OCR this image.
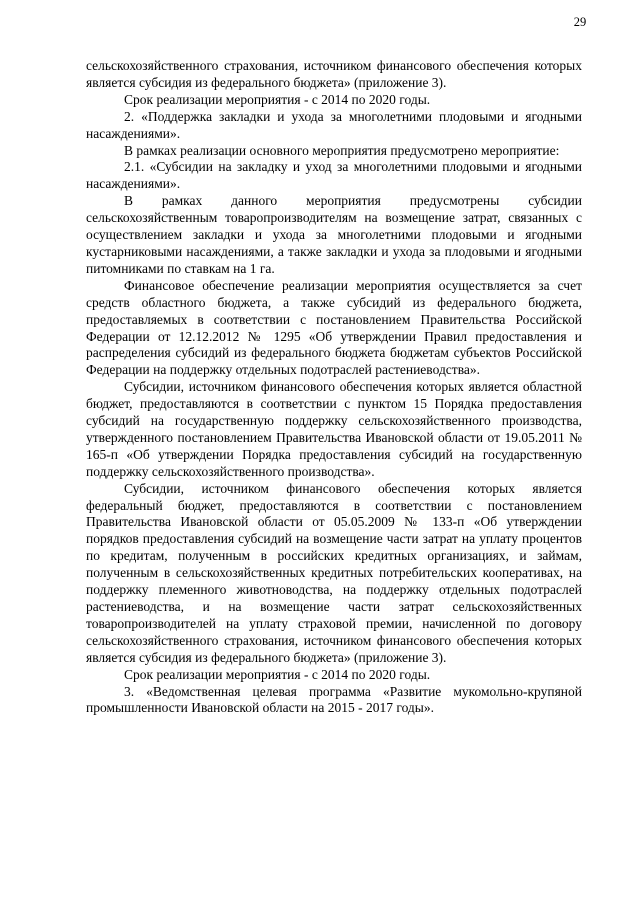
29

сельскохозяйственного страхования, источником финансового обеспечения которых является субсидия из федерального бюджета» (приложение 3).

Срок реализации мероприятия - с 2014 по 2020 годы.

2. «Поддержка закладки и ухода за многолетними плодовыми и ягодными насаждениями».

В рамках реализации основного мероприятия предусмотрено мероприятие:

2.1. «Субсидии на закладку и уход за многолетними плодовыми и ягодными насаждениями».

В рамках данного мероприятия предусмотрены субсидии сельскохозяйственным товаропроизводителям на возмещение затрат, связанных с осуществлением закладки и ухода за многолетними плодовыми и ягодными кустарниковыми насаждениями, а также закладки и ухода за плодовыми и ягодными питомниками по ставкам на 1 га.

Финансовое обеспечение реализации мероприятия осуществляется за счет средств областного бюджета, а также субсидий из федерального бюджета, предоставляемых в соответствии с постановлением Правительства Российской Федерации от 12.12.2012 № 1295 «Об утверждении Правил предоставления и распределения субсидий из федерального бюджета бюджетам субъектов Российской Федерации на поддержку отдельных подотраслей растениеводства».

Субсидии, источником финансового обеспечения которых является областной бюджет, предоставляются в соответствии с пунктом 15 Порядка предоставления субсидий на государственную поддержку сельскохозяйственного производства, утвержденного постановлением Правительства Ивановской области от 19.05.2011 № 165-п «Об утверждении Порядка предоставления субсидий на государственную поддержку сельскохозяйственного производства».

Субсидии, источником финансового обеспечения которых является федеральный бюджет, предоставляются в соответствии с постановлением Правительства Ивановской области от 05.05.2009 № 133-п «Об утверждении порядков предоставления субсидий на возмещение части затрат на уплату процентов по кредитам, полученным в российских кредитных организациях, и займам, полученным в сельскохозяйственных кредитных потребительских кооперативах, на поддержку племенного животноводства, на поддержку отдельных подотраслей растениеводства, и на возмещение части затрат сельскохозяйственных товаропроизводителей на уплату страховой премии, начисленной по договору сельскохозяйственного страхования, источником финансового обеспечения которых является субсидия из федерального бюджета» (приложение 3).

Срок реализации мероприятия - с 2014 по 2020 годы.

3. «Ведомственная целевая программа «Развитие мукомольно-крупяной промышленности Ивановской области на 2015 - 2017 годы».
